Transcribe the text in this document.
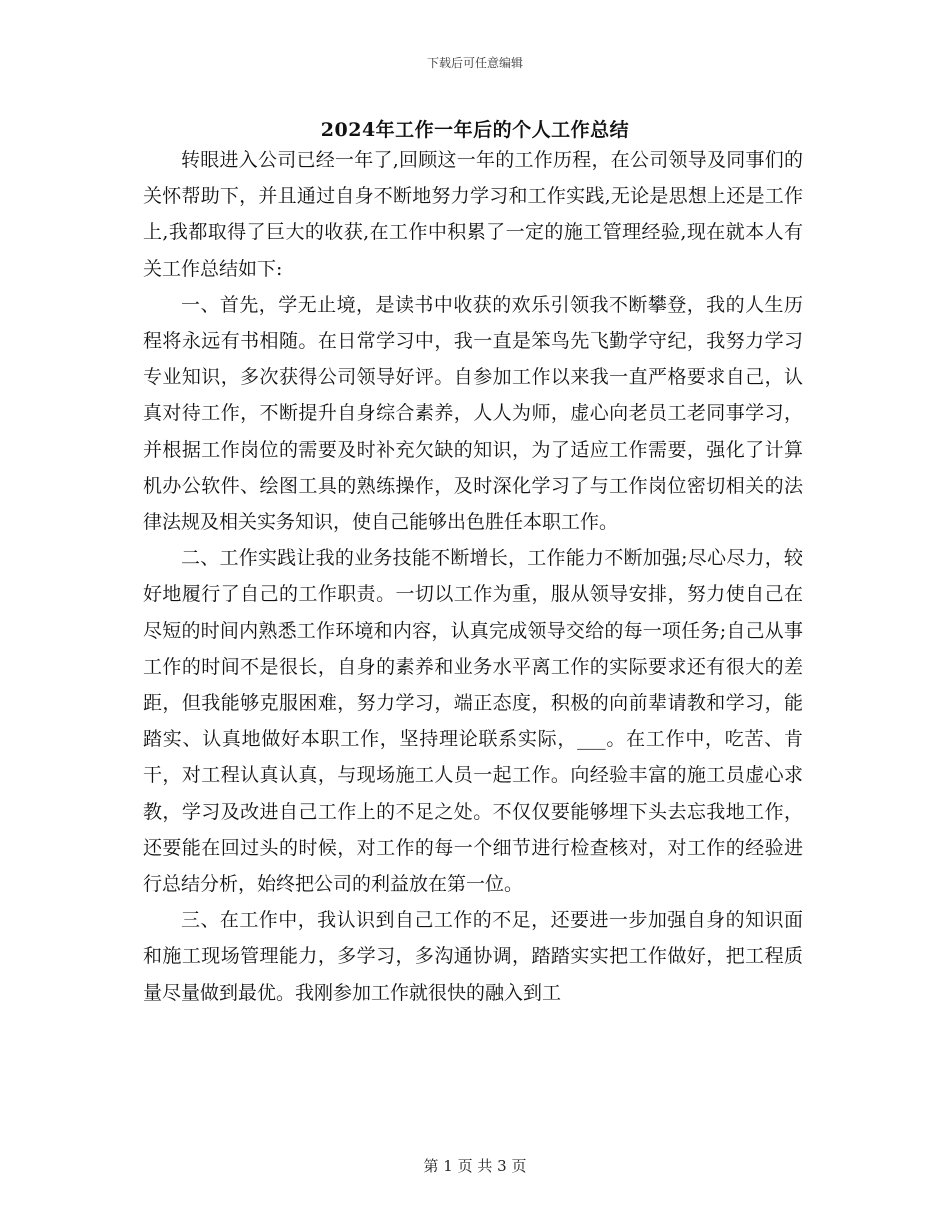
下载后可任意编辑
2024年工作一年后的个人工作总结

转眼进入公司已经一年了,回顾这一年的工作历程，在公司领导及同事们的关怀帮助下，并且通过自身不断地努力学习和工作实践,无论是思想上还是工作上,我都取得了巨大的收获,在工作中积累了一定的施工管理经验,现在就本人有关工作总结如下:

一、首先，学无止境，是读书中收获的欢乐引领我不断攀登，我的人生历程将永远有书相随。在日常学习中，我一直是笨鸟先飞勤学守纪，我努力学习专业知识，多次获得公司领导好评。自参加工作以来我一直严格要求自己，认真对待工作，不断提升自身综合素养，人人为师，虚心向老员工老同事学习，并根据工作岗位的需要及时补充欠缺的知识，为了适应工作需要，强化了计算机办公软件、绘图工具的熟练操作，及时深化学习了与工作岗位密切相关的法律法规及相关实务知识，使自己能够出色胜任本职工作。

二、工作实践让我的业务技能不断增长，工作能力不断加强;尽心尽力，较好地履行了自己的工作职责。一切以工作为重，服从领导安排，努力使自己在尽短的时间内熟悉工作环境和内容，认真完成领导交给的每一项任务;自己从事工作的时间不是很长，自身的素养和业务水平离工作的实际要求还有很大的差距，但我能够克服困难，努力学习，端正态度，积极的向前辈请教和学习，能踏实、认真地做好本职工作，坚持理论联系实际，___。在工作中，吃苦、肯干，对工程认真认真，与现场施工人员一起工作。向经验丰富的施工员虚心求教，学习及改进自己工作上的不足之处。不仅仅要能够埋下头去忘我地工作，还要能在回过头的时候，对工作的每一个细节进行检查核对，对工作的经验进行总结分析，始终把公司的利益放在第一位。

三、在工作中，我认识到自己工作的不足，还要进一步加强自身的知识面和施工现场管理能力，多学习，多沟通协调，踏踏实实把工作做好，把工程质量尽量做到最优。我刚参加工作就很快的融入到工

第 1 页 共 3 页
